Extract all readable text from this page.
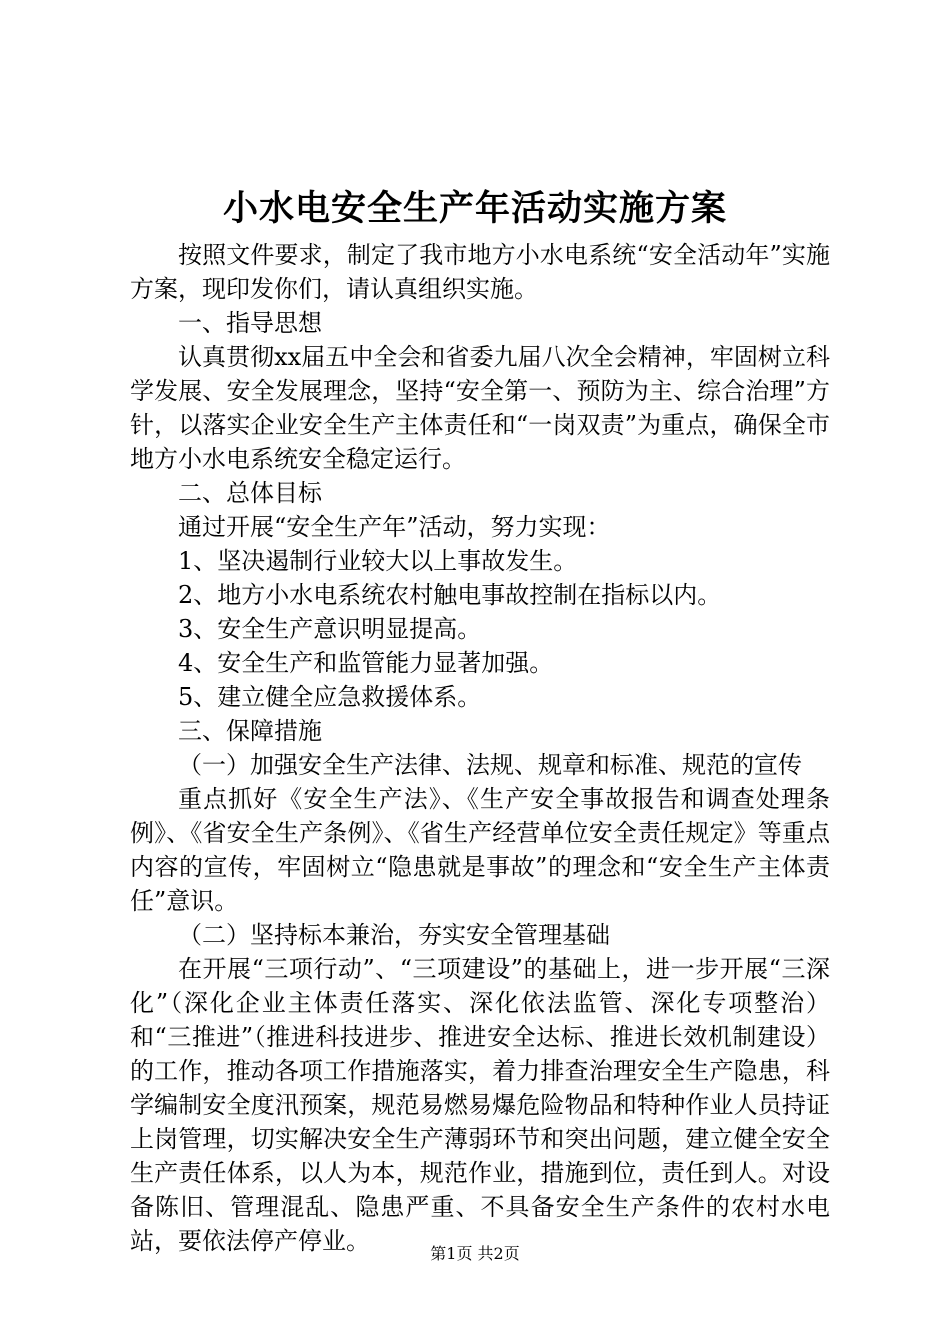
小水电安全生产年活动实施方案

按照文件要求，制定了我市地方小水电系统“安全活动年”实施方案，现印发你们，请认真组织实施。

一、指导思想

认真贯彻xx届五中全会和省委九届八次全会精神，牢固树立科学发展、安全发展理念，坚持“安全第一、预防为主、综合治理”方针，以落实企业安全生产主体责任和“一岗双责”为重点，确保全市地方小水电系统安全稳定运行。

二、总体目标

通过开展“安全生产年”活动，努力实现：

1、坚决遏制行业较大以上事故发生。

2、地方小水电系统农村触电事故控制在指标以内。

3、安全生产意识明显提高。

4、安全生产和监管能力显著加强。

5、建立健全应急救援体系。

三、保障措施

（一）加强安全生产法律、法规、规章和标准、规范的宣传

重点抓好《安全生产法》、《生产安全事故报告和调查处理条例》、《省安全生产条例》、《省生产经营单位安全责任规定》等重点内容的宣传，牢固树立“隐患就是事故”的理念和“安全生产主体责任”意识。

（二）坚持标本兼治，夯实安全管理基础

在开展“三项行动”、“三项建设”的基础上，进一步开展“三深化”（深化企业主体责任落实、深化依法监管、深化专项整治）和“三推进”（推进科技进步、推进安全达标、推进长效机制建设）的工作，推动各项工作措施落实，着力排查治理安全生产隐患，科学编制安全度汛预案，规范易燃易爆危险物品和特种作业人员持证上岗管理，切实解决安全生产薄弱环节和突出问题，建立健全安全生产责任体系，以人为本，规范作业，措施到位，责任到人。对设备陈旧、管理混乱、隐患严重、不具备安全生产条件的农村水电站，要依法停产停业。	第1页 共2页
